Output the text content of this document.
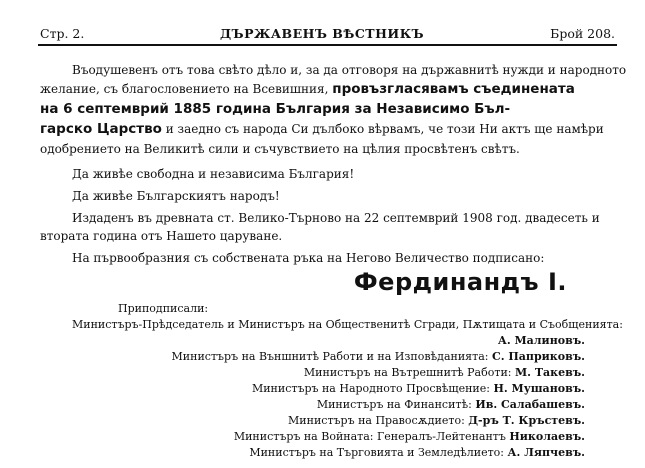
Стр. 2.	ДЪРЖАВЕНЪ ВѢСТНИКЪ	Брой 208.
Въодушевенъ отъ това свѣто дѣло и, за да отговоря на държавнитѣ нужди и народното
желание, съ благословението на Всевишния, провъзгласявамъ съединената
на 6 септемврий 1885 година България за Независимо Бъл-
гарско Царство и заедно съ народа Си дълбоко вѣрвамъ, че този Ни актъ ще намѣри
одобрението на Великитѣ сили и съчувствието на цѣлия просвѣтенъ свѣтъ.
Да живѣе свободна и независима България!
Да живѣе Българскиятъ народъ!
Издаденъ въ древната ст. Велико-Търново на 22 септемврий 1908 год. двадесеть и
втората година отъ Нашето царуване.
На първообразния съ собствената ръка на Негово Величество подписано:
Фердинандъ I.
Приподписали:
Министъръ-Прѣдседатель и Министъръ на Общественитѣ Сгради, Пѫтищата и Съобщенията:
А. Малиновъ.
Министъръ на Външнитѣ Работи и на Изповѣданията: С. Паприковъ.
Министъръ на Вътрешнитѣ Работи: М. Такевъ.
Министъръ на Народното Просвѣщение: Н. Мушановъ.
Министъръ на Финанситѣ: Ив. Салабашевъ.
Министъръ на Правосѫдието: Д-ръ Т. Кръстевъ.
Министъръ на Войната: Генералъ-Лейтенантъ Николаевъ.
Министъръ на Търговията и Земледѣлието: А. Ляпчевъ.
